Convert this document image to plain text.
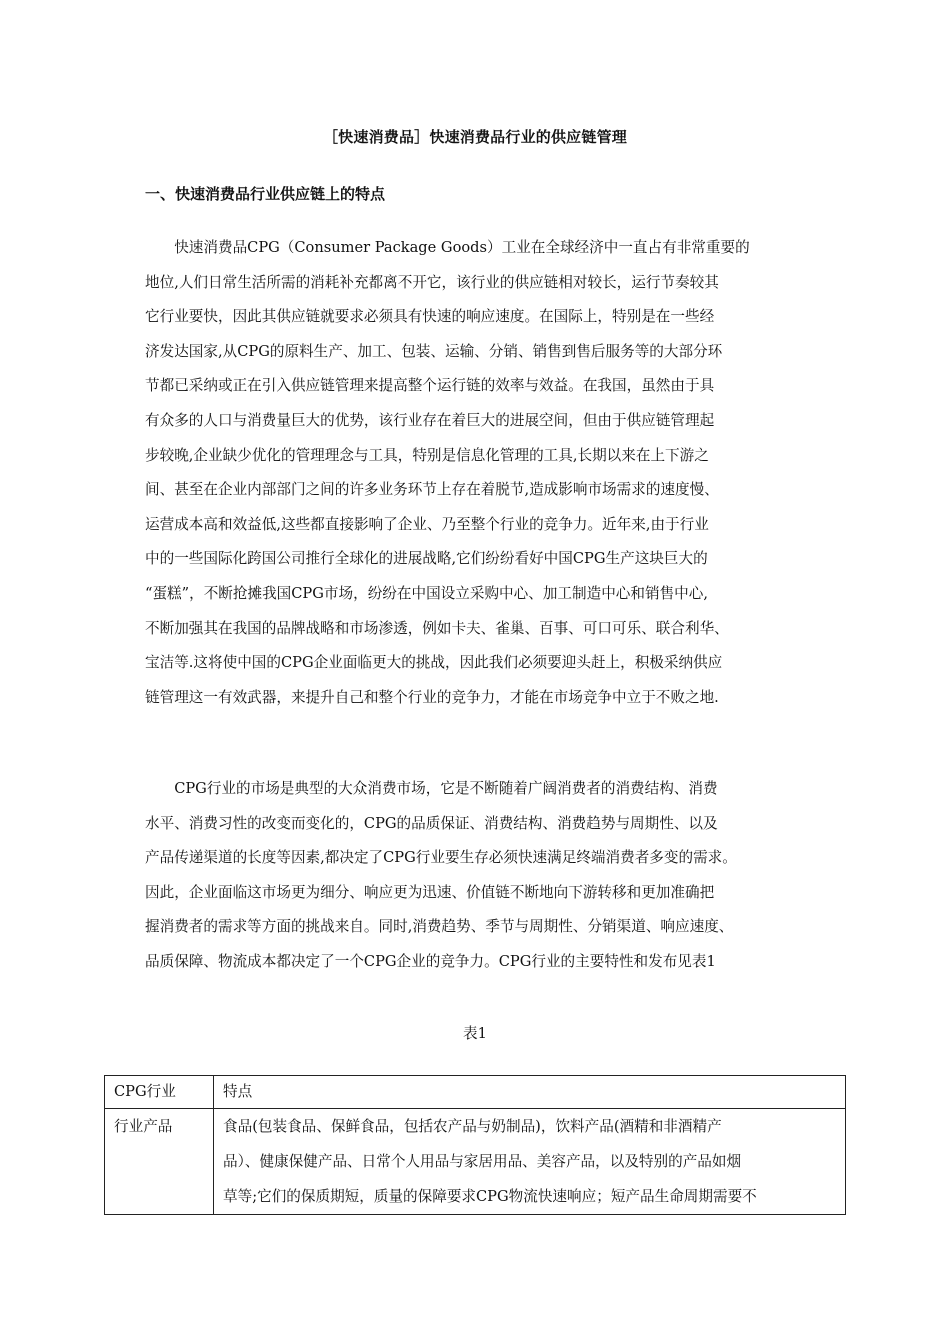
［快速消费品］快速消费品行业的供应链管理
一、快速消费品行业供应链上的特点
　　快速消费品CPG（Consumer Package Goods）工业在全球经济中一直占有非常重要的
地位,人们日常生活所需的消耗补充都离不开它，该行业的供应链相对较长，运行节奏较其
它行业要快，因此其供应链就要求必须具有快速的响应速度。在国际上，特别是在一些经
济发达国家,从CPG的原料生产、加工、包装、运输、分销、销售到售后服务等的大部分环
节都已采纳或正在引入供应链管理来提高整个运行链的效率与效益。在我国，虽然由于具
有众多的人口与消费量巨大的优势，该行业存在着巨大的进展空间，但由于供应链管理起
步较晚,企业缺少优化的管理理念与工具，特别是信息化管理的工具,长期以来在上下游之
间、甚至在企业内部部门之间的许多业务环节上存在着脱节,造成影响市场需求的速度慢、
运营成本高和效益低,这些都直接影响了企业、乃至整个行业的竞争力。近年来,由于行业
中的一些国际化跨国公司推行全球化的进展战略,它们纷纷看好中国CPG生产这块巨大的
“蛋糕”，不断抢摊我国CPG市场，纷纷在中国设立采购中心、加工制造中心和销售中心,
不断加强其在我国的品牌战略和市场渗透，例如卡夫、雀巢、百事、可口可乐、联合利华、
宝洁等.这将使中国的CPG企业面临更大的挑战，因此我们必须要迎头赶上，积极采纳供应
链管理这一有效武器，来提升自己和整个行业的竞争力，才能在市场竞争中立于不败之地.
　　CPG行业的市场是典型的大众消费市场，它是不断随着广阔消费者的消费结构、消费
水平、消费习性的改变而变化的，CPG的品质保证、消费结构、消费趋势与周期性、以及
产品传递渠道的长度等因素,都决定了CPG行业要生存必须快速满足终端消费者多变的需求。
因此，企业面临这市场更为细分、响应更为迅速、价值链不断地向下游转移和更加准确把
握消费者的需求等方面的挑战来自。同时,消费趋势、季节与周期性、分销渠道、响应速度、
品质保障、物流成本都决定了一个CPG企业的竞争力。CPG行业的主要特性和发布见表1
表1
CPG行业	特点
行业产品	食品(包装食品、保鲜食品，包括农产品与奶制品)，饮料产品(酒精和非酒精产
品）、健康保健产品、日常个人用品与家居用品、美容产品，以及特别的产品如烟
草等;它们的保质期短，质量的保障要求CPG物流快速响应；短产品生命周期需要不
